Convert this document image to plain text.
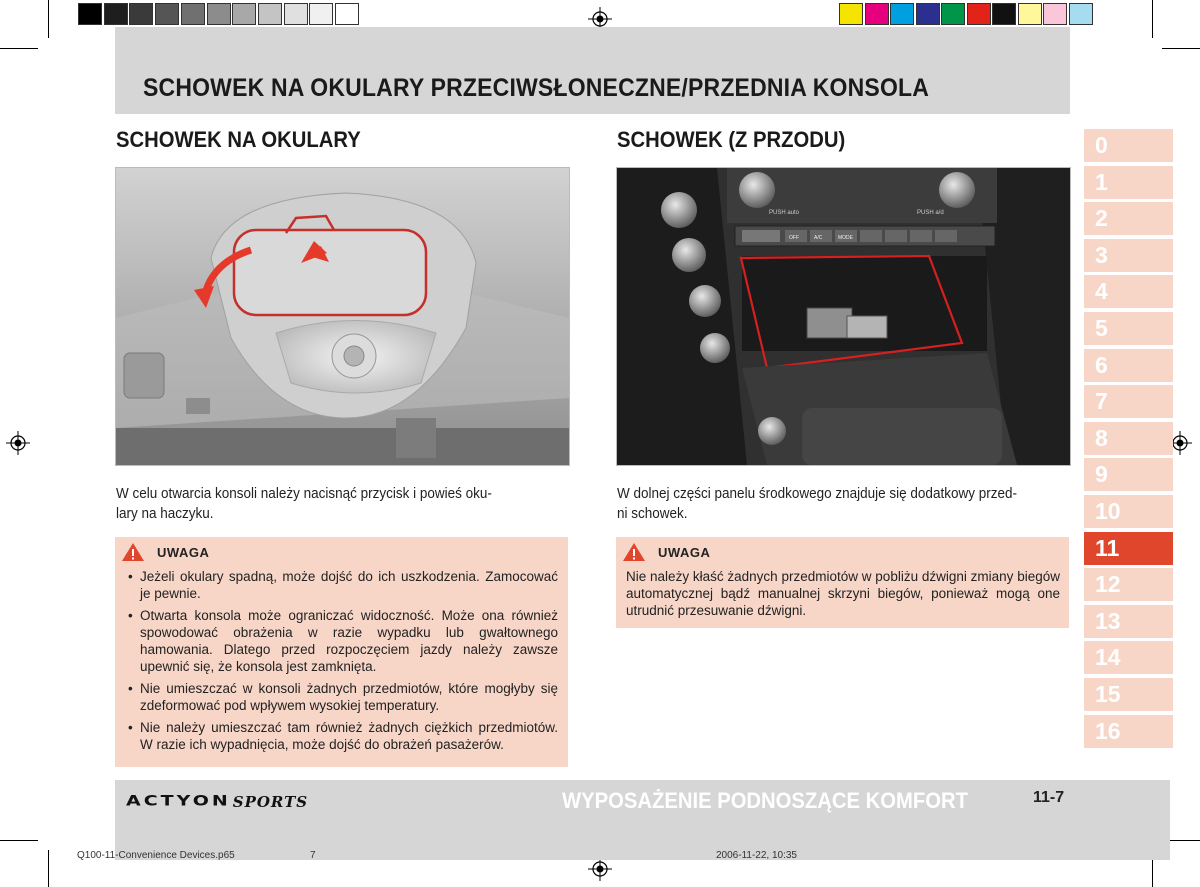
SCHOWEK NA OKULARY PRZECIWSŁONECZNE/PRZEDNIA KONSOLA
SCHOWEK NA OKULARY
W celu otwarcia konsoli należy nacisnąć przycisk i powieś oku-
lary na haczyku.
UWAGA
• Jeżeli okulary spadną, może dojść do ich uszkodzenia. Zamocować je pewnie.
• Otwarta konsola może ograniczać widoczność. Może ona również spowodować obrażenia w razie wypadku lub gwałtownego hamowania. Dlatego przed rozpoczęciem jazdy należy zawsze upewnić się, że konsola jest zamknięta.
• Nie umieszczać w konsoli żadnych przedmiotów, które mogłyby się zdeformować pod wpływem wysokiej temperatury.
• Nie należy umieszczać tam również żadnych ciężkich przedmiotów. W razie ich wypadnięcia, może dojść do obrażeń pasażerów.
SCHOWEK (Z PRZODU)
PUSH auto	PUSH a/d
OFF	A/C	MODE
W dolnej części panelu środkowego znajduje się dodatkowy przed-
ni schowek.
UWAGA
Nie należy kłaść żadnych przedmiotów w pobliżu dźwigni zmiany biegów automatycznej bądź manualnej skrzyni biegów, ponieważ mogą one utrudnić przesuwanie dźwigni.
0
1
2
3
4
5
6
7
8
9
10
11
12
13
14
15
16
ACTYON SPORTS	WYPOSAŻENIE PODNOSZĄCE KOMFORT	11-7
Q100-11-Convenience Devices.p65	7	2006-11-22, 10:35
